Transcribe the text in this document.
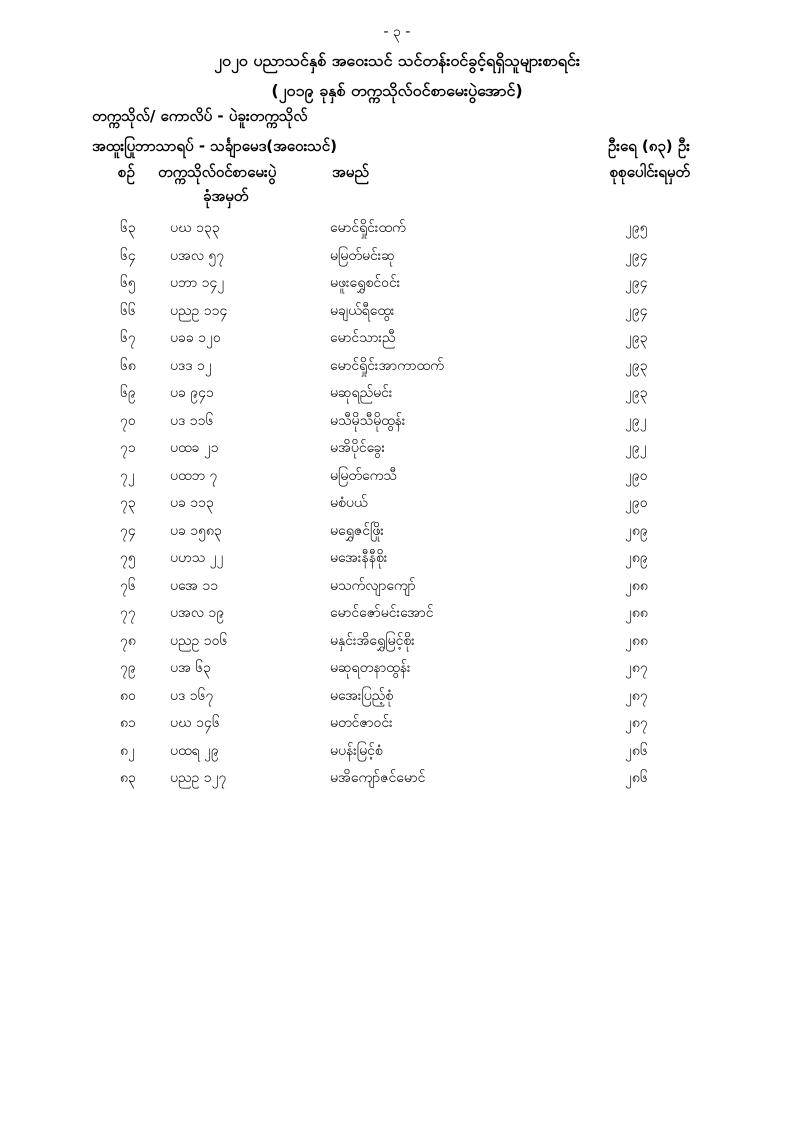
- ၃ -
၂၀၂၀ ပညာသင်နှစ် အဝေးသင် သင်တန်းဝင်ခွင့်ရရှိသူများစာရင်း
(၂၀၁၉ ခုနှစ် တက္ကသိုလ်ဝင်စာမေးပွဲအောင်)
တက္ကသိုလ်/ ကောလိပ် - ပဲခူးတက္ကသိုလ်
အထူးပြုဘာသာရပ် - သင်္ချာမေဒ(အဝေးသင်)	ဦးရေ (၈၃) ဦး
စဉ် တက္ကသိုလ်ဝင်စာမေးပွဲ
ခုံအမှတ်
အမည်	စုစုပေါင်းရမှတ်
၆၃ ပဃ ၁၃၃	မောင်ရှိုင်းထက်	၂၉၅
၆၄ ပအလ ၅၇	မမြတ်မင်းဆု	၂၉၄
၆၅ ပဘာ ၁၄၂	မဖူးရွှေစင်ဝင်း	၂၉၄
၆၆ ပညဥ ၁၁၄	မချယ်ရီထွေး	၂၉၄
၆၇ ပခခ ၁၂၀	မောင်သားညီ	၂၉၃
၆၈ ပဒဒ ၁၂	မောင်ရှိုင်းအာကာထက်	၂၉၃
၆၉ ပခ ၉၄၁	မဆုရည်မင်း	၂၉၃
၇၀ ပဒ ၁၁၆	မသီမိုသီမိုထွန်း	၂၉၂
၇၁ ပထခ ၂၁	မအိပိုင်ခွေး	၂၉၂
၇၂	ပထဘ ၇	မမြတ်ကေသီ	၂၉၀
၇၃ ပခ ၁၁၃	မစံပယ်	၂၉၀
၇၄ ပခ ၁၅၈၃	မရွှေဇင်ဖြိုး	၂၈၉
၇၅ ပဟသ ၂၂	မအေးနီနီစိုး	၂၈၉
၇၆ ပအေ ၁၁	မသက်လျာကျော်	၂၈၈
၇၇ ပအလ ၁၉	မောင်ဇော်မင်းအောင်	၂၈၈
၇၈ ပညဥ ၁၀၆	မနှင်းအိရွှေမြင့်စိုး	၂၈၈
၇၉ ပအ ၆၃	မဆုရတနာထွန်း	၂၈၇
၈၀ ပဒ ၁၆၇	မအေးပြည့်စုံ	၂၈၇
၈၁ ပဃ ၁၄၆	မတင်ဇာဝင်း	၂၈၇
၈၂	ပထရ ၂၉	မပန်းမြင့်စံ	၂၈၆
၈၃ ပညဥ ၁၂၇	မအိကျော်ဇင်မောင်	၂၈၆
